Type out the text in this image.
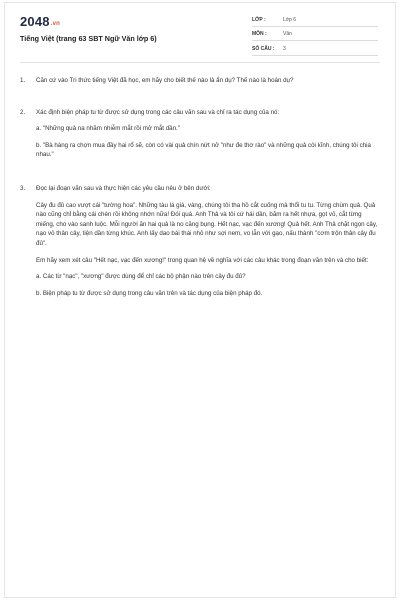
2048.vn
Tiếng Việt (trang 63 SBT Ngữ Văn lớp 6)
LỚP :	Lớp 6
MÔN :	Văn
SỐ CÂU :	3
1. Căn cứ vào Tri thức tiếng Việt đã học, em hãy cho biết thế nào là ẩn dụ? Thế nào là hoán dụ?

2. Xác định biện pháp tu từ được sử dụng trong các câu văn sau và chỉ ra tác dụng của nó:

a. "Những quả na nhăm nhiễm mắt rồi mở mắt dần."

b. "Bà hàng ra chợn mua đầy hai rổ sẽ, còn có vài quả chín nứt nở "như đe thơ rào" và những quả còi kĩnh, chúng tôi chia nhau."

3. Đọc lại đoạn văn sau và thực hiện các yêu cầu nêu ở bên dưới:

Cây đu đủ cao vượt cái "tường hoa". Những tàu lá già, vàng, chúng tôi tha hồ cắt cuống mà thổi tu tu. Từng chùm quả. Quả nào cũng chỉ bằng cái chén rồi không nhớn nữa! Đói quá. Anh Thả và tôi cứ hái dần, băm ra hết nhựa, gọt vỏ, cắt từng miếng, cho vào sanh luộc. Mỗi người ăn hai quả là no căng bụng. Hết nạc, vạc đến xương! Quả hết. Anh Thả chặt ngọn cây, nạo vỏ thân cây, tiện dần từng khúc. Anh lấy dao bài thái nhỏ như sợi nem, vo lẫn với gạo, nấu thành "cơm trộn thân cây đu đủ".

Em hãy xem xét câu "Hết nạc, vạc đến xương!" trong quan hệ về nghĩa với các câu khác trong đoạn văn trên và cho biết:

a. Các từ "nạc", "xương" được dùng để chỉ các bộ phận nào trên cây đu đủ?

b. Biện pháp tu từ được sử dụng trong câu văn trên và tác dụng của biện pháp đó.
